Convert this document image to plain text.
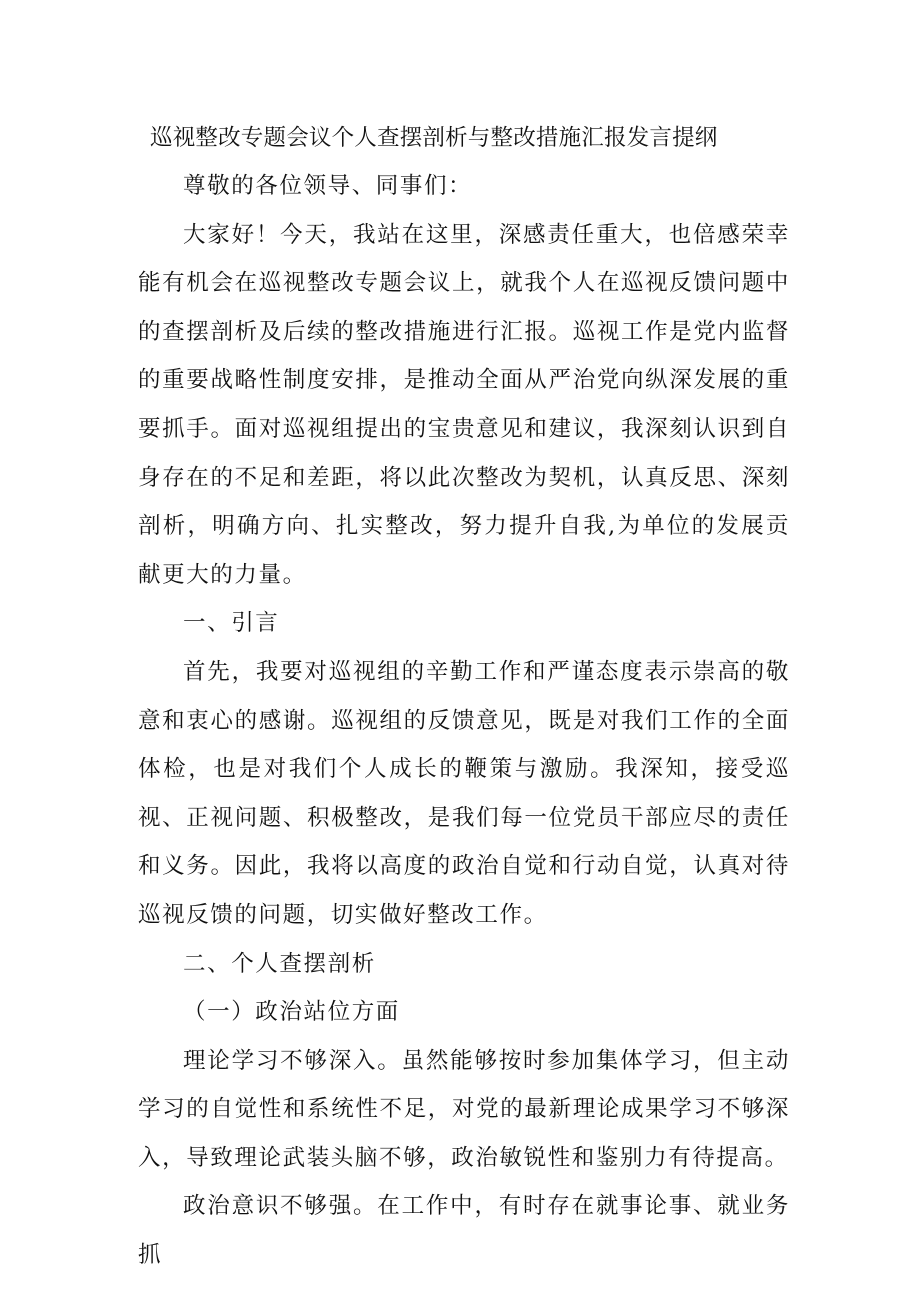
巡视整改专题会议个人查摆剖析与整改措施汇报发言提纲

尊敬的各位领导、同事们：

大家好！今天，我站在这里，深感责任重大，也倍感荣幸能有机会在巡视整改专题会议上，就我个人在巡视反馈问题中的查摆剖析及后续的整改措施进行汇报。巡视工作是党内监督的重要战略性制度安排，是推动全面从严治党向纵深发展的重要抓手。面对巡视组提出的宝贵意见和建议，我深刻认识到自身存在的不足和差距，将以此次整改为契机，认真反思、深刻剖析，明确方向、扎实整改，努力提升自我,为单位的发展贡献更大的力量。

一、引言

首先，我要对巡视组的辛勤工作和严谨态度表示崇高的敬意和衷心的感谢。巡视组的反馈意见，既是对我们工作的全面体检，也是对我们个人成长的鞭策与激励。我深知，接受巡视、正视问题、积极整改，是我们每一位党员干部应尽的责任和义务。因此，我将以高度的政治自觉和行动自觉，认真对待巡视反馈的问题，切实做好整改工作。

二、个人查摆剖析

（一）政治站位方面

理论学习不够深入。虽然能够按时参加集体学习，但主动学习的自觉性和系统性不足，对党的最新理论成果学习不够深入，导致理论武装头脑不够，政治敏锐性和鉴别力有待提高。

政治意识不够强。在工作中，有时存在就事论事、就业务抓
